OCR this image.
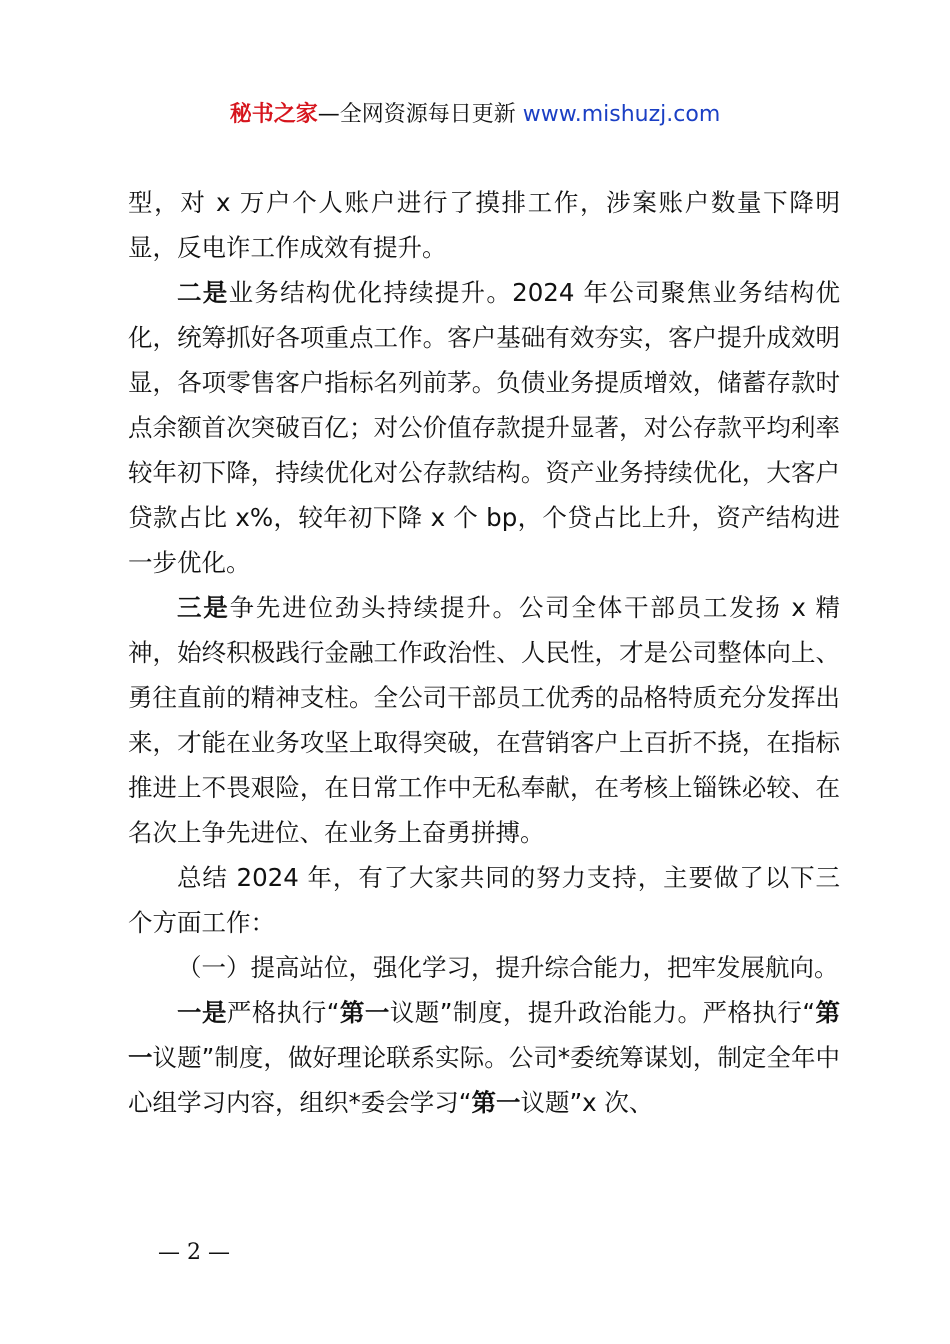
秘书之家—全网资源每日更新 www.mishuzj.com

型，对 x 万户个人账户进行了摸排工作，涉案账户数量下降明显，反电诈工作成效有提升。

二是业务结构优化持续提升。2024 年公司聚焦业务结构优化，统筹抓好各项重点工作。客户基础有效夯实，客户提升成效明显，各项零售客户指标名列前茅。负债业务提质增效，储蓄存款时点余额首次突破百亿；对公价值存款提升显著，对公存款平均利率较年初下降，持续优化对公存款结构。资产业务持续优化，大客户贷款占比 x%，较年初下降 x 个 bp，个贷占比上升，资产结构进一步优化。

三是争先进位劲头持续提升。公司全体干部员工发扬 x 精神，始终积极践行金融工作政治性、人民性，才是公司整体向上、勇往直前的精神支柱。全公司干部员工优秀的品格特质充分发挥出来，才能在业务攻坚上取得突破，在营销客户上百折不挠，在指标推进上不畏艰险，在日常工作中无私奉献，在考核上锱铢必较、在名次上争先进位、在业务上奋勇拼搏。

总结 2024 年，有了大家共同的努力支持，主要做了以下三个方面工作：

（一）提高站位，强化学习，提升综合能力，把牢发展航向。

一是严格执行“第一议题”制度，提升政治能力。严格执行“第一议题”制度，做好理论联系实际。公司*委统筹谋划，制定全年中心组学习内容，组织*委会学习“第一议题”x 次、

— 2 —
